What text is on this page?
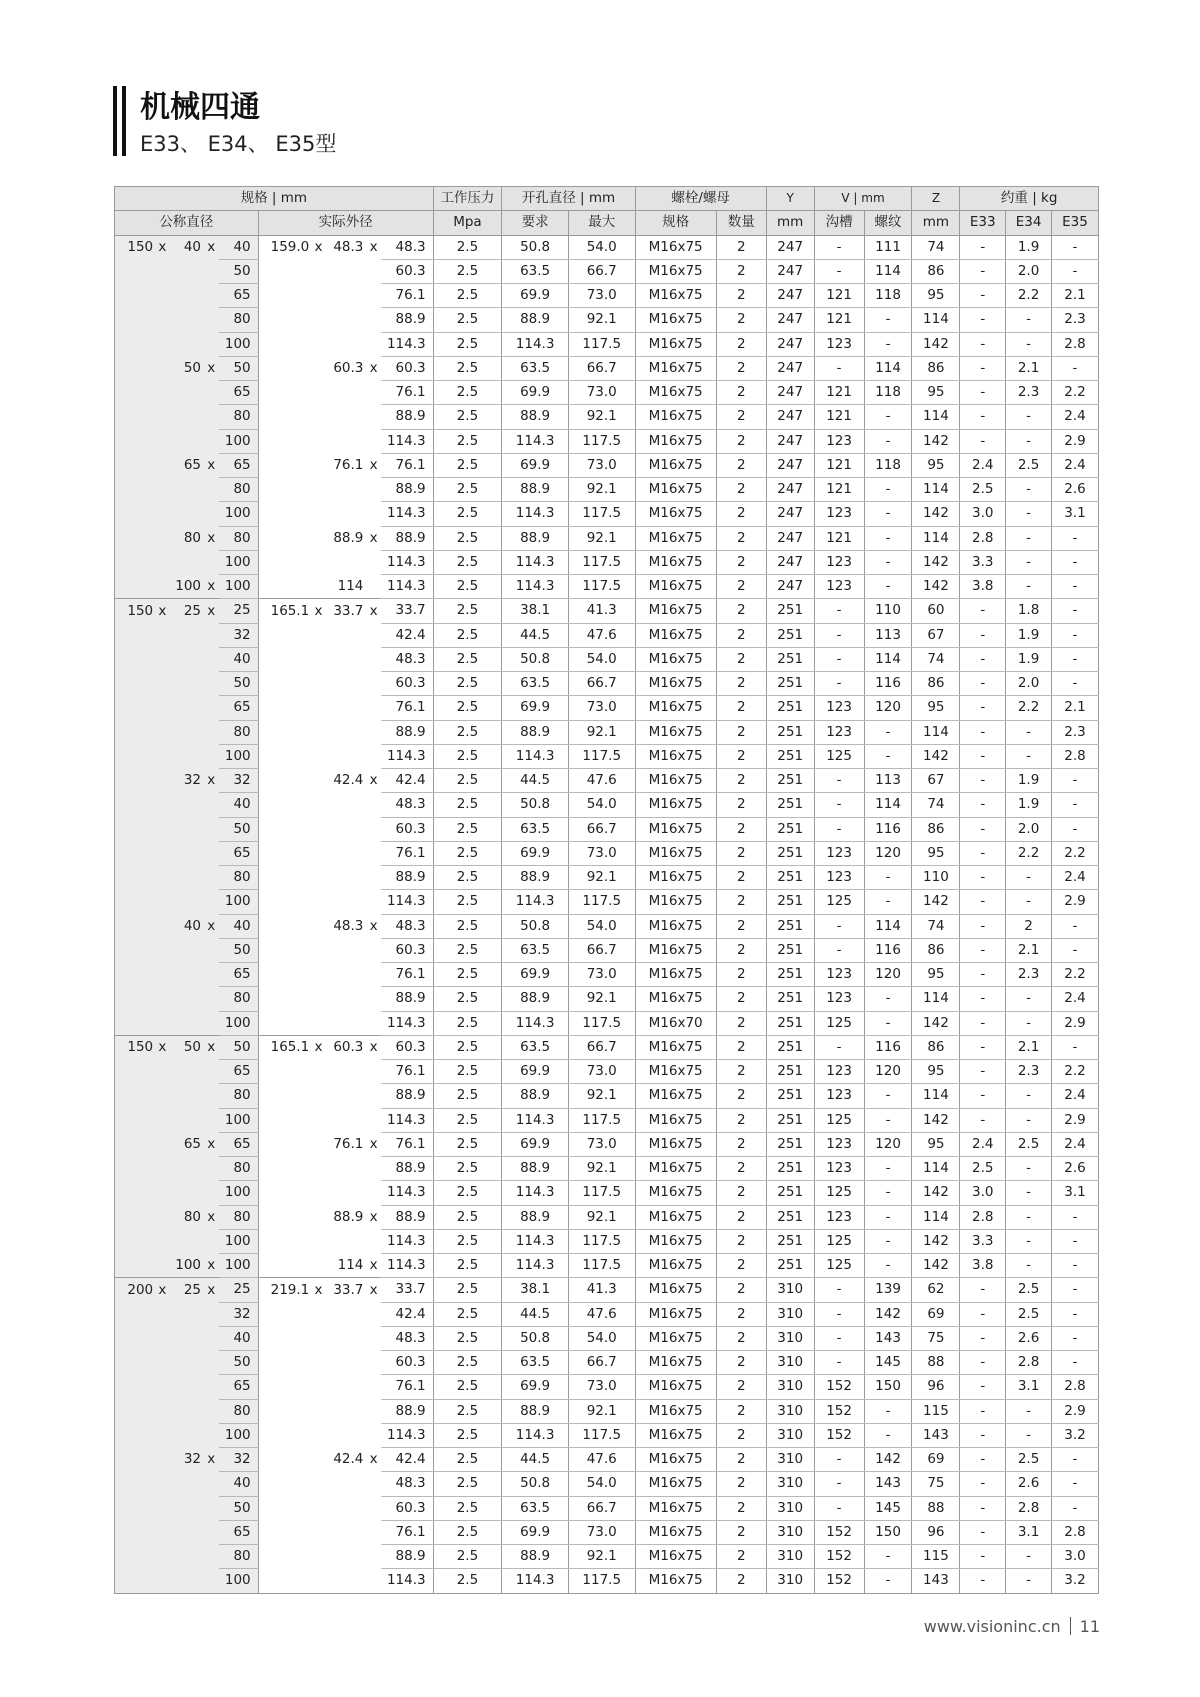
机械四通
E33、 E34、 E35型
规格 | mm										工作压力	开孔直径 | mm		螺栓/螺母		Y	V | mm		Z	约重 | kg		
公称直径					实际外径					Mpa	要求	最大	规格	数量	mm	沟槽	螺纹	mm	E33	E34	E35
150	x	40	x	40	159.0	x	48.3	x	48.3	2.5	50.8	54.0	M16x75	2	247	-	111	74	-	1.9	-
				50					60.3	2.5	63.5	66.7	M16x75	2	247	-	114	86	-	2.0	-
				65					76.1	2.5	69.9	73.0	M16x75	2	247	121	118	95	-	2.2	2.1
				80					88.9	2.5	88.9	92.1	M16x75	2	247	121	-	114	-	-	2.3
				100					114.3	2.5	114.3	117.5	M16x75	2	247	123	-	142	-	-	2.8
		50	x	50			60.3	x	60.3	2.5	63.5	66.7	M16x75	2	247	-	114	86	-	2.1	-
				65					76.1	2.5	69.9	73.0	M16x75	2	247	121	118	95	-	2.3	2.2
				80					88.9	2.5	88.9	92.1	M16x75	2	247	121	-	114	-	-	2.4
				100					114.3	2.5	114.3	117.5	M16x75	2	247	123	-	142	-	-	2.9
		65	x	65			76.1	x	76.1	2.5	69.9	73.0	M16x75	2	247	121	118	95	2.4	2.5	2.4
				80					88.9	2.5	88.9	92.1	M16x75	2	247	121	-	114	2.5	-	2.6
				100					114.3	2.5	114.3	117.5	M16x75	2	247	123	-	142	3.0	-	3.1
		80	x	80			88.9	x	88.9	2.5	88.9	92.1	M16x75	2	247	121	-	114	2.8	-	-
				100					114.3	2.5	114.3	117.5	M16x75	2	247	123	-	142	3.3	-	-
		100	x	100			114		114.3	2.5	114.3	117.5	M16x75	2	247	123	-	142	3.8	-	-
150	x	25	x	25	165.1	x	33.7	x	33.7	2.5	38.1	41.3	M16x75	2	251	-	110	60	-	1.8	-
				32					42.4	2.5	44.5	47.6	M16x75	2	251	-	113	67	-	1.9	-
				40					48.3	2.5	50.8	54.0	M16x75	2	251	-	114	74	-	1.9	-
				50					60.3	2.5	63.5	66.7	M16x75	2	251	-	116	86	-	2.0	-
				65					76.1	2.5	69.9	73.0	M16x75	2	251	123	120	95	-	2.2	2.1
				80					88.9	2.5	88.9	92.1	M16x75	2	251	123	-	114	-	-	2.3
				100					114.3	2.5	114.3	117.5	M16x75	2	251	125	-	142	-	-	2.8
		32	x	32			42.4	x	42.4	2.5	44.5	47.6	M16x75	2	251	-	113	67	-	1.9	-
				40					48.3	2.5	50.8	54.0	M16x75	2	251	-	114	74	-	1.9	-
				50					60.3	2.5	63.5	66.7	M16x75	2	251	-	116	86	-	2.0	-
				65					76.1	2.5	69.9	73.0	M16x75	2	251	123	120	95	-	2.2	2.2
				80					88.9	2.5	88.9	92.1	M16x75	2	251	123	-	110	-	-	2.4
				100					114.3	2.5	114.3	117.5	M16x75	2	251	125	-	142	-	-	2.9
		40	x	40			48.3	x	48.3	2.5	50.8	54.0	M16x75	2	251	-	114	74	-	2	-
				50					60.3	2.5	63.5	66.7	M16x75	2	251	-	116	86	-	2.1	-
				65					76.1	2.5	69.9	73.0	M16x75	2	251	123	120	95	-	2.3	2.2
				80					88.9	2.5	88.9	92.1	M16x75	2	251	123	-	114	-	-	2.4
				100					114.3	2.5	114.3	117.5	M16x70	2	251	125	-	142	-	-	2.9
150	x	50	x	50	165.1	x	60.3	x	60.3	2.5	63.5	66.7	M16x75	2	251	-	116	86	-	2.1	-
				65					76.1	2.5	69.9	73.0	M16x75	2	251	123	120	95	-	2.3	2.2
				80					88.9	2.5	88.9	92.1	M16x75	2	251	123	-	114	-	-	2.4
				100					114.3	2.5	114.3	117.5	M16x75	2	251	125	-	142	-	-	2.9
		65	x	65			76.1	x	76.1	2.5	69.9	73.0	M16x75	2	251	123	120	95	2.4	2.5	2.4
				80					88.9	2.5	88.9	92.1	M16x75	2	251	123	-	114	2.5	-	2.6
				100					114.3	2.5	114.3	117.5	M16x75	2	251	125	-	142	3.0	-	3.1
		80	x	80			88.9	x	88.9	2.5	88.9	92.1	M16x75	2	251	123	-	114	2.8	-	-
				100					114.3	2.5	114.3	117.5	M16x75	2	251	125	-	142	3.3	-	-
		100	x	100			114	x	114.3	2.5	114.3	117.5	M16x75	2	251	125	-	142	3.8	-	-
200	x	25	x	25	219.1	x	33.7	x	33.7	2.5	38.1	41.3	M16x75	2	310	-	139	62	-	2.5	-
				32					42.4	2.5	44.5	47.6	M16x75	2	310	-	142	69	-	2.5	-
				40					48.3	2.5	50.8	54.0	M16x75	2	310	-	143	75	-	2.6	-
				50					60.3	2.5	63.5	66.7	M16x75	2	310	-	145	88	-	2.8	-
				65					76.1	2.5	69.9	73.0	M16x75	2	310	152	150	96	-	3.1	2.8
				80					88.9	2.5	88.9	92.1	M16x75	2	310	152	-	115	-	-	2.9
				100					114.3	2.5	114.3	117.5	M16x75	2	310	152	-	143	-	-	3.2
		32	x	32			42.4	x	42.4	2.5	44.5	47.6	M16x75	2	310	-	142	69	-	2.5	-
				40					48.3	2.5	50.8	54.0	M16x75	2	310	-	143	75	-	2.6	-
				50					60.3	2.5	63.5	66.7	M16x75	2	310	-	145	88	-	2.8	-
				65					76.1	2.5	69.9	73.0	M16x75	2	310	152	150	96	-	3.1	2.8
				80					88.9	2.5	88.9	92.1	M16x75	2	310	152	-	115	-	-	3.0
				100					114.3	2.5	114.3	117.5	M16x75	2	310	152	-	143	-	-	3.2
www.visioninc.cn 11
